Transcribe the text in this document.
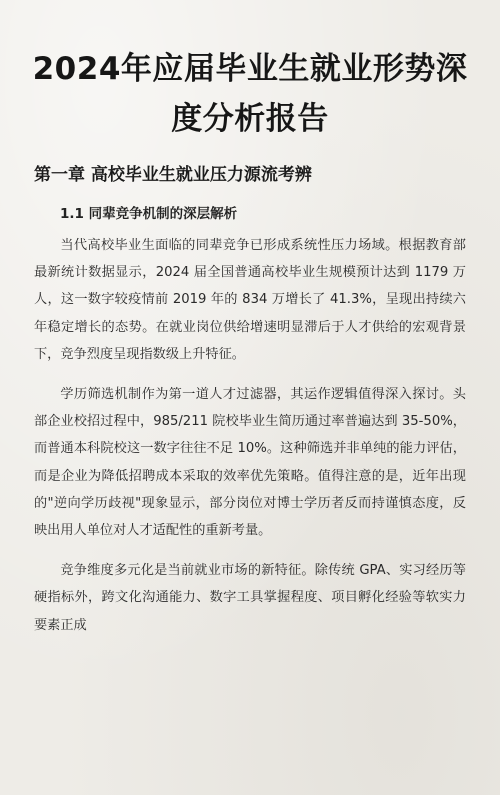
2024年应届毕业生就业形势深度分析报告
第一章 高校毕业生就业压力源流考辨
1.1 同辈竞争机制的深层解析

当代高校毕业生面临的同辈竞争已形成系统性压力场域。根据教育部最新统计数据显示，2024 届全国普通高校毕业生规模预计达到 1179 万人，这一数字较疫情前 2019 年的 834 万增长了 41.3%，呈现出持续六年稳定增长的态势。在就业岗位供给增速明显滞后于人才供给的宏观背景下，竞争烈度呈现指数级上升特征。

学历筛选机制作为第一道人才过滤器，其运作逻辑值得深入探讨。头部企业校招过程中，985/211 院校毕业生简历通过率普遍达到 35-50%，而普通本科院校这一数字往往不足 10%。这种筛选并非单纯的能力评估，而是企业为降低招聘成本采取的效率优先策略。值得注意的是，近年出现的"逆向学历歧视"现象显示，部分岗位对博士学历者反而持谨慎态度，反映出用人单位对人才适配性的重新考量。

竞争维度多元化是当前就业市场的新特征。除传统 GPA、实习经历等硬指标外，跨文化沟通能力、数字工具掌握程度、项目孵化经验等软实力要素正成
